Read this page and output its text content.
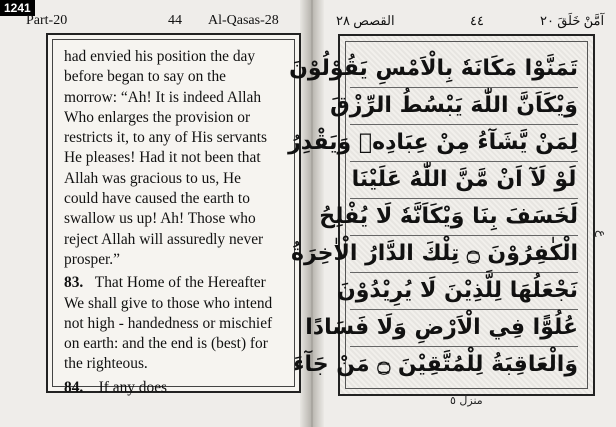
1241
Part-20	44 Al-Qasas-28

had envied his position the day

before began to say on the

morrow: “Ah! It is indeed Allah

Who enlarges the provision or

restricts it, to any of His servants

He pleases! Had it not been that

Allah was gracious to us, He

could have caused the earth to

swallow us up! Ah! Those who

reject Allah will assuredly never

prosper.”

83. That Home of the Hereafter

We shall give to those who intend

not high - handedness or mischief

on earth: and the end is (best) for

the righteous.

84. If any does

القصص ٢٨	٤٤	آمَّنْ خَلَقَ ٢٠
تَمَنَّوْا مَكَانَهٗ بِالْاَمْسِ يَقُوْلُوْنَ
وَيْكَاَنَّ اللّٰهَ يَبْسُطُ الرِّزْقَ
لِمَنْ يَّشَآءُ مِنْ عِبَادِهٖ وَيَقْدِرُ
لَوْ لَآ اَنْ مَّنَّ اللّٰهُ عَلَيْنَا
لَخَسَفَ بِنَا وَيْكَاَنَّهٗ لَا يُفْلِحُ
الْكٰفِرُوْنَ ۝ تِلْكَ الدَّارُ الْاٰخِرَةُ
نَجْعَلُهَا لِلَّذِيْنَ لَا يُرِيْدُوْنَ
عُلُوًّا فِي الْاَرْضِ وَلَا فَسَادًا
وَالْعَاقِبَةُ لِلْمُتَّقِيْنَ ۝ مَنْ جَآءَ
ع
منزل ٥
